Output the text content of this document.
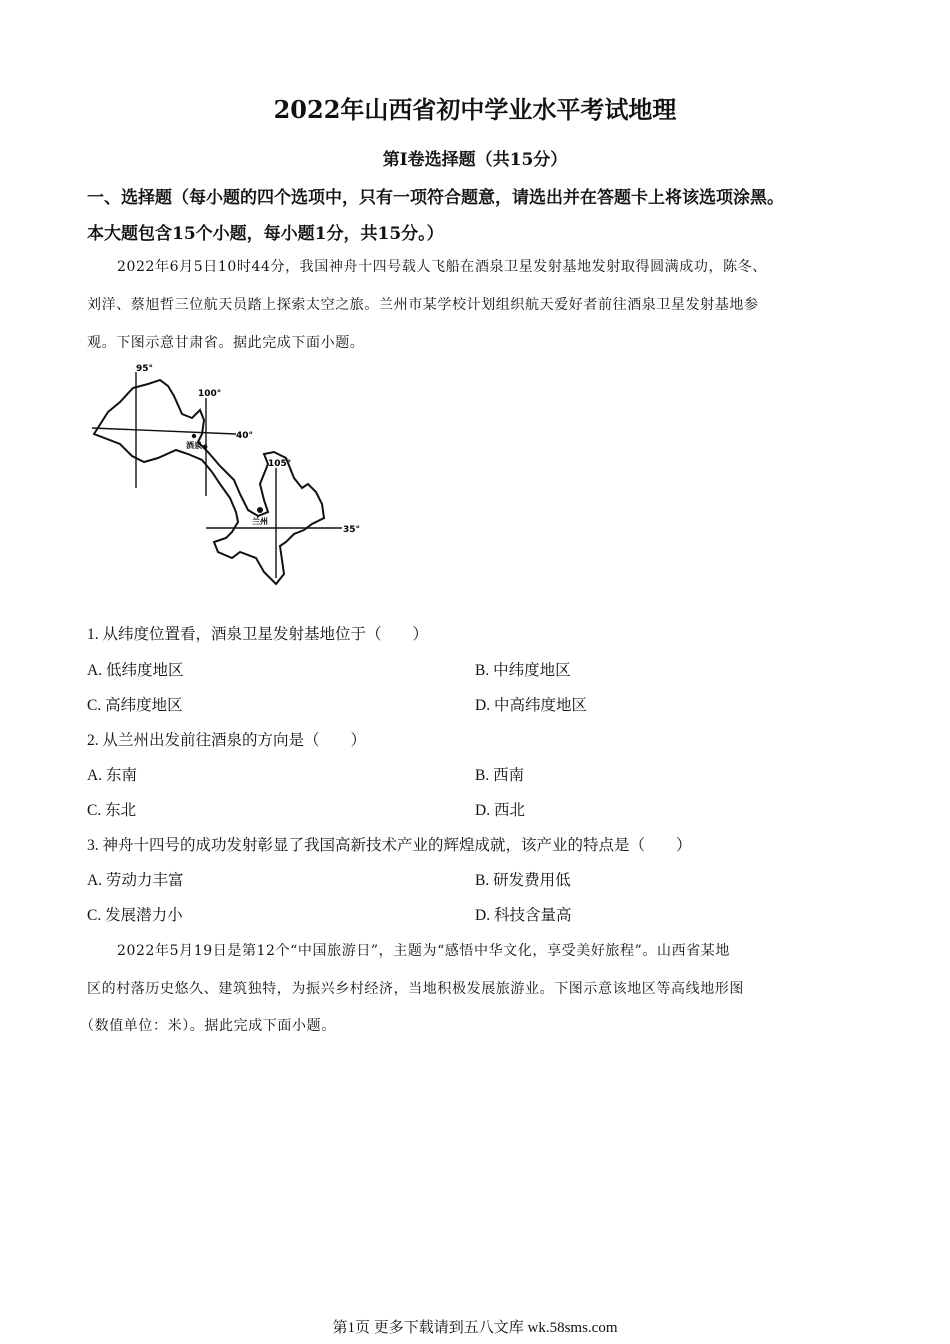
2022年山西省初中学业水平考试地理
第Ⅰ卷选择题（共15分）
一、选择题（每小题的四个选项中，只有一项符合题意，请选出并在答题卡上将该选项涂黑。
本大题包含15个小题，每小题1分，共15分。）
2022年6月5日10时44分，我国神舟十四号载人飞船在酒泉卫星发射基地发射取得圆满成功，陈冬、
刘洋、蔡旭哲三位航天员踏上探索太空之旅。兰州市某学校计划组织航天爱好者前往酒泉卫星发射基地参
观。下图示意甘肃省。据此完成下面小题。
95°
100°
105°
40°
35°
酒泉
兰州
1. 从纬度位置看，酒泉卫星发射基地位于（　　）
A. 低纬度地区	B. 中纬度地区
C. 高纬度地区	D. 中高纬度地区
2. 从兰州出发前往酒泉的方向是（　　）
A. 东南	B. 西南
C. 东北	D. 西北
3. 神舟十四号的成功发射彰显了我国高新技术产业的辉煌成就，该产业的特点是（　　）
A. 劳动力丰富	B. 研发费用低
C. 发展潜力小	D. 科技含量高
2022年5月19日是第12个“中国旅游日”，主题为“感悟中华文化，享受美好旅程”。山西省某地
区的村落历史悠久、建筑独特，为振兴乡村经济，当地积极发展旅游业。下图示意该地区等高线地形图
（数值单位：米）。据此完成下面小题。
第1页 更多下载请到五八文库 wk.58sms.com
